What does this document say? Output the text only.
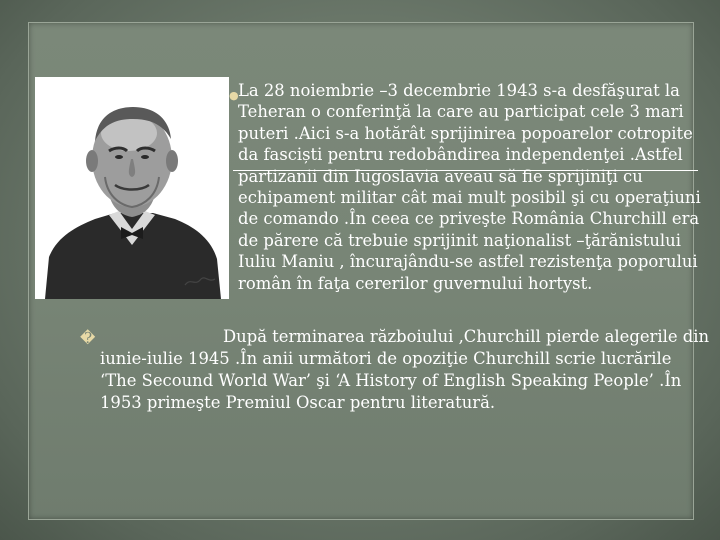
● La 28 noiembrie –3 decembrie 1943 s-a desfăşurat la Teheran o conferinţă la care au participat cele 3 mari puteri .Aici s-a hotărât sprijinirea popoarelor cotropite da fasciști pentru redobândirea independenţei .Astfel partizanii din Iugoslavia aveau să fie sprijiniţi cu echipament militar cât mai mult posibil şi cu operaţiuni de comando .În ceea ce priveşte România Churchill era de părere că trebuie sprijinit naţionalist –ţărănistului Iuliu Maniu , încurajându-se astfel rezistenţa poporului român în faţa cererilor guvernului hortyst.

�	După terminarea războiului ,Churchill pierde alegerile din iunie-iulie 1945 .În anii următori de opoziţie Churchill scrie lucrările ‘The Secound World War’ şi ‘A History of English Speaking People’ .În 1953 primeşte Premiul Oscar pentru literatură.
